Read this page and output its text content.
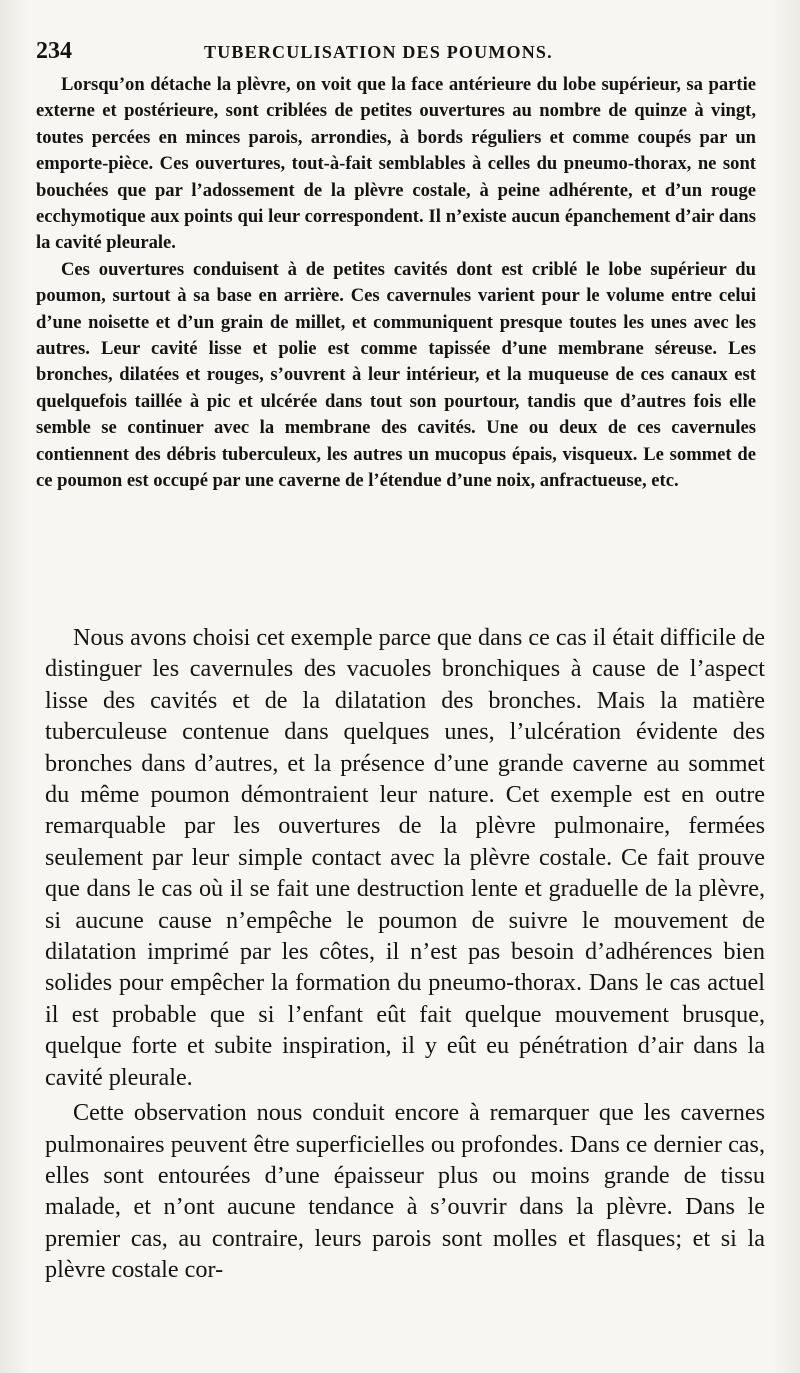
234	TUBERCULISATION DES POUMONS.

Lorsqu’on détache la plèvre, on voit que la face antérieure du lobe supérieur, sa partie externe et postérieure, sont criblées de petites ouvertures au nombre de quinze à vingt, toutes percées en minces parois, arrondies, à bords réguliers et comme coupés par un emporte-pièce. Ces ouvertures, tout-à-fait semblables à celles du pneumo-thorax, ne sont bouchées que par l’adossement de la plèvre costale, à peine adhérente, et d’un rouge ecchymotique aux points qui leur correspondent. Il n’existe aucun épanchement d’air dans la cavité pleurale.

Ces ouvertures conduisent à de petites cavités dont est criblé le lobe supérieur du poumon, surtout à sa base en arrière. Ces cavernules varient pour le volume entre celui d’une noisette et d’un grain de millet, et communiquent presque toutes les unes avec les autres. Leur cavité lisse et polie est comme tapissée d’une membrane séreuse. Les bronches, dilatées et rouges, s’ouvrent à leur intérieur, et la muqueuse de ces canaux est quelquefois taillée à pic et ulcérée dans tout son pourtour, tandis que d’autres fois elle semble se continuer avec la membrane des cavités. Une ou deux de ces cavernules contiennent des débris tuberculeux, les autres un mucopus épais, visqueux. Le sommet de ce poumon est occupé par une caverne de l’étendue d’une noix, anfractueuse, etc.

Nous avons choisi cet exemple parce que dans ce cas il était difficile de distinguer les cavernules des vacuoles bronchiques à cause de l’aspect lisse des cavités et de la dilatation des bronches. Mais la matière tuberculeuse contenue dans quelques unes, l’ulcération évidente des bronches dans d’autres, et la présence d’une grande caverne au sommet du même poumon démontraient leur nature. Cet exemple est en outre remarquable par les ouvertures de la plèvre pulmonaire, fermées seulement par leur simple contact avec la plèvre costale. Ce fait prouve que dans le cas où il se fait une destruction lente et graduelle de la plèvre, si aucune cause n’empêche le poumon de suivre le mouvement de dilatation imprimé par les côtes, il n’est pas besoin d’adhérences bien solides pour empêcher la formation du pneumo-thorax. Dans le cas actuel il est probable que si l’enfant eût fait quelque mouvement brusque, quelque forte et subite inspiration, il y eût eu pénétration d’air dans la cavité pleurale.

Cette observation nous conduit encore à remarquer que les cavernes pulmonaires peuvent être superficielles ou profondes. Dans ce dernier cas, elles sont entourées d’une épaisseur plus ou moins grande de tissu malade, et n’ont aucune tendance à s’ouvrir dans la plèvre. Dans le premier cas, au contraire, leurs parois sont molles et flasques; et si la plèvre costale cor-
